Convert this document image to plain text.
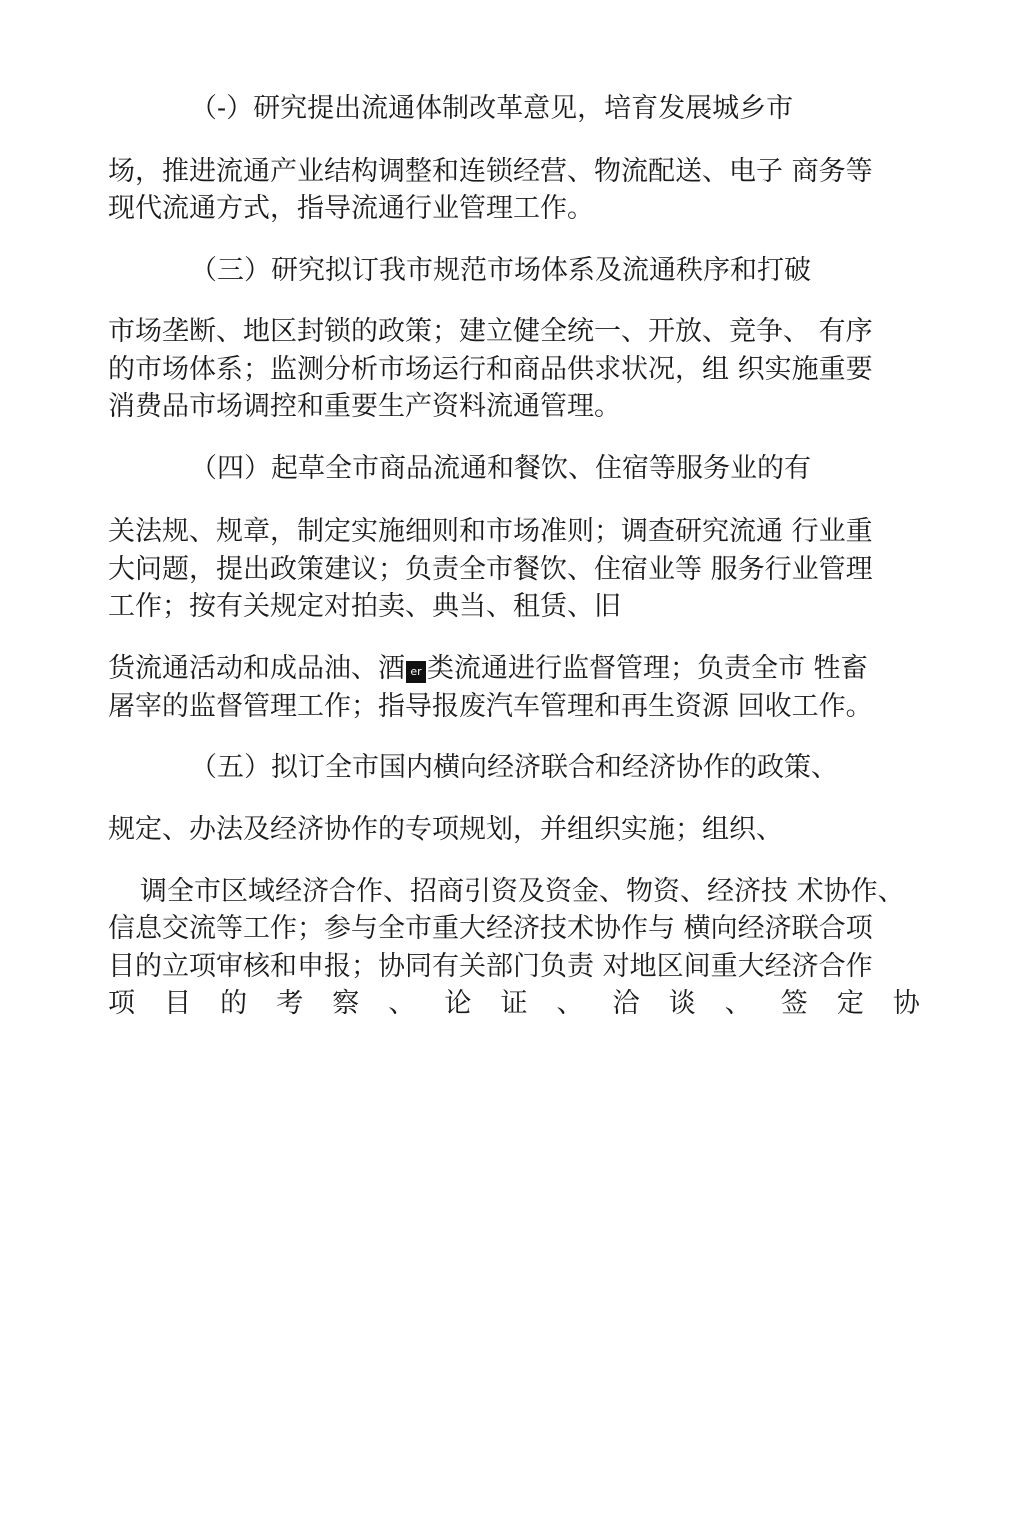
（-）研究提出流通体制改革意见，培育发展城乡市
场，推进流通产业结构调整和连锁经营、物流配送、电子 商务等
现代流通方式，指导流通行业管理工作。
（三）研究拟订我市规范市场体系及流通秩序和打破
市场垄断、地区封锁的政策；建立健全统一、开放、竞争、 有序
的市场体系；监测分析市场运行和商品供求状况，组 织实施重要
消费品市场调控和重要生产资料流通管理。
（四）起草全市商品流通和餐饮、住宿等服务业的有
关法规、规章，制定实施细则和市场准则；调查研究流通 行业重
大问题，提出政策建议；负责全市餐饮、住宿业等 服务行业管理
工作；按有关规定对拍卖、典当、租赁、旧
货流通活动和成品油、酒 er 类流通进行监督管理；负责全市 牲畜
屠宰的监督管理工作；指导报废汽车管理和再生资源 回收工作。
（五）拟订全市国内横向经济联合和经济协作的政策、
规定、办法及经济协作的专项规划，并组织实施；组织、
调全市区域经济合作、招商引资及资金、物资、经济技 术协作、
信息交流等工作；参与全市重大经济技术协作与 横向经济联合项
目的立项审核和申报；协同有关部门负责 对地区间重大经济合作
项 目 的 考 察 、 论 证 、 洽 谈 、 签 定 协
